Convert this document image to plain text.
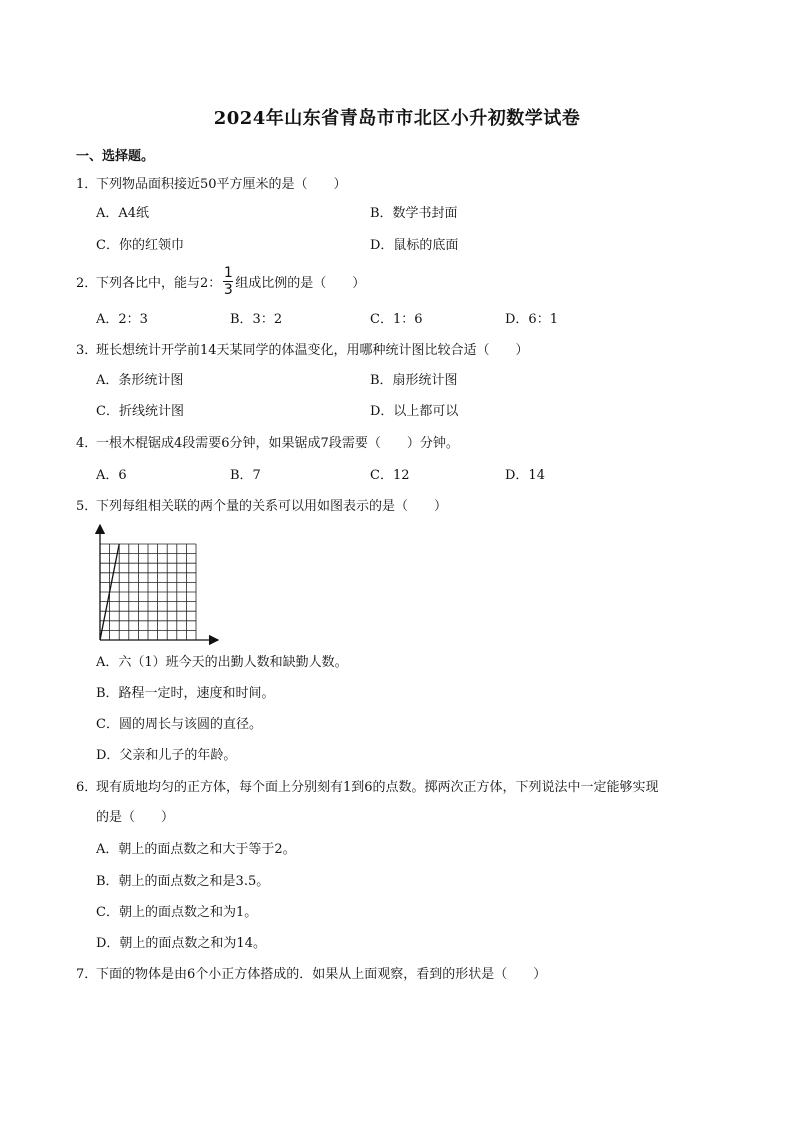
2024年山东省青岛市市北区小升初数学试卷
一、选择题。
1．下列物品面积接近50平方厘米的是（　　）
A．A4纸	B．数学书封面
C．你的红领巾	D．鼠标的底面
2．下列各比中，能与2： $\frac{1}{3}$ 组成比例的是（　　）
A．2：3	B．3：2	C．1：6	D．6：1
3．班长想统计开学前14天某同学的体温变化，用哪种统计图比较合适（　　）
A．条形统计图	B．扇形统计图
C．折线统计图	D．以上都可以
4．一根木棍锯成4段需要6分钟，如果锯成7段需要（　　）分钟。
A．6	B．7	C．12	D．14
5．下列每组相关联的两个量的关系可以用如图表示的是（　　）
A．六（1）班今天的出勤人数和缺勤人数。
B．路程一定时，速度和时间。
C．圆的周长与该圆的直径。
D．父亲和儿子的年龄。
6．现有质地均匀的正方体，每个面上分别刻有1到6的点数。掷两次正方体，下列说法中一定能够实现
的是（　　）
A．朝上的面点数之和大于等于2。
B．朝上的面点数之和是3.5。
C．朝上的面点数之和为1。
D．朝上的面点数之和为14。
7．下面的物体是由6个小正方体搭成的．如果从上面观察，看到的形状是（　　）
